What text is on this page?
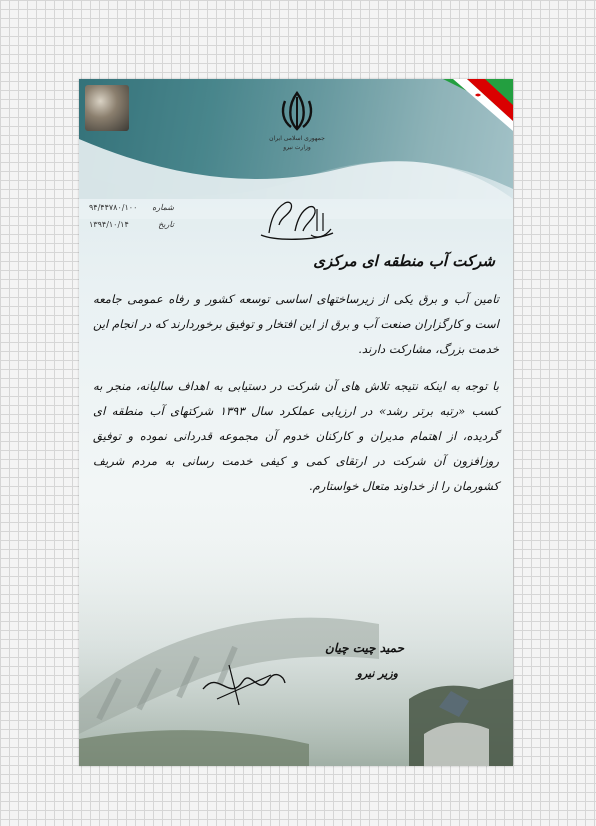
جمهوری اسلامی ایران
وزارت نیرو
شماره
۹۴/۴۴۷۸۰/۱۰۰
تاریخ
۱۳۹۴/۱۰/۱۴
شرکت آب منطقه ای مرکزی

تامین آب و برق یکی از زیرساختهای اساسی توسعه کشور و رفاه عمومی جامعه است و کارگزاران صنعت آب و برق از این افتخار و توفیق برخوردارند که در انجام این خدمت بزرگ، مشارکت دارند.

با توجه به اینکه نتیجه تلاش های آن شرکت در دستیابی به اهداف سالیانه، منجر به کسب «رتبه برتر رشد» در ارزیابی عملکرد سال ۱۳۹۳ شرکتهای آب منطقه ای گردیده، از اهتمام مدیران و کارکنان خدوم آن مجموعه قدردانی نموده و توفیق روزافزون آن شرکت در ارتقای کمی و کیفی خدمت رسانی به مردم شریف کشورمان را از خداوند متعال خواستارم.

حمید چیت چیان
وزیر نیرو
